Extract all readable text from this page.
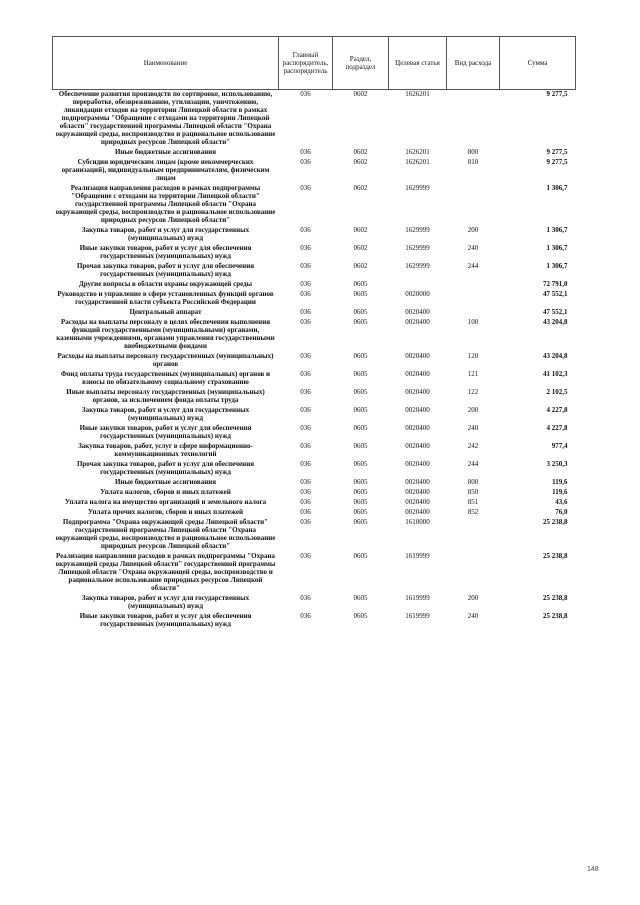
Наименование	Главный распорядитель, распорядитель	Раздел, подраздел	Целевая статья	Вид расхода	Сумма
Обеспечение развития производств по сортировке, использованию, переработке, обезвреживанию, утилизации, уничтожению, ликвидации отходов на территории Липецкой области в рамках подпрограммы "Обращение с отходами на территории Липецкой области" государственной программы Липецкой области "Охрана окружающей среды, воспроизводство и рациональное использование природных ресурсов Липецкой области"	036	0602	1626201		9 277,5
Иные бюджетные ассигнования	036	0602	1626201	800	9 277,5
Субсидии юридическим лицам (кроме некоммерческих организаций), индивидуальным предпринимателям, физическим лицам	036	0602	1626201	810	9 277,5
Реализация направления расходов в рамках подпрограммы "Обращение с отходами на территории Липецкой области" государственной программы Липецкой области "Охрана окружающей среды, воспроизводство и рациональное использование природных ресурсов Липецкой области"	036	0602	1629999		1 306,7
Закупка товаров, работ и услуг для государственных (муниципальных) нужд	036	0602	1629999	200	1 306,7
Иные закупки товаров, работ и услуг для обеспечения государственных (муниципальных) нужд	036	0602	1629999	240	1 306,7
Прочая закупка товаров, работ и услуг для обеспечения государственных (муниципальных) нужд	036	0602	1629999	244	1 306,7
Другие вопросы в области охраны окружающей среды	036	0605			72 791,0
Руководство и управление в сфере установленных функций органов государственной власти субъекта Российской Федерации	036	0605	0020000		47 552,1
Центральный аппарат	036	0605	0020400		47 552,1
Расходы на выплаты персоналу в целях обеспечения выполнения функций государственными (муниципальными) органами, казенными учреждениями, органами управления государственными внебюджетными фондами	036	0605	0020400	100	43 204,8
Расходы на выплаты персоналу государственных (муниципальных) органов	036	0605	0020400	120	43 204,8
Фонд оплаты труда государственных (муниципальных) органов и взносы по обязательному социальному страхованию	036	0605	0020400	121	41 102,3
Иные выплаты персоналу государственных (муниципальных) органов, за исключением фонда оплаты труда	036	0605	0020400	122	2 102,5
Закупка товаров, работ и услуг для государственных (муниципальных) нужд	036	0605	0020400	200	4 227,8
Иные закупки товаров, работ и услуг для обеспечения государственных (муниципальных) нужд	036	0605	0020400	240	4 227,8
Закупка товаров, работ, услуг в сфере информационно-коммуникационных технологий	036	0605	0020400	242	977,4
Прочая закупка товаров, работ и услуг для обеспечения государственных (муниципальных) нужд	036	0605	0020400	244	3 250,3
Иные бюджетные ассигнования	036	0605	0020400	800	119,6
Уплата налогов, сборов и иных платежей	036	0605	0020400	850	119,6
Уплата налога на имущество организаций и земельного налога	036	0605	0020400	851	43,6
Уплата прочих налогов, сборов и иных платежей	036	0605	0020400	852	76,0
Подпрограмма "Охрана окружающей среды Липецкой области" государственной программы Липецкой области "Охрана окружающей среды, воспроизводство и рациональное использование природных ресурсов Липецкой области"	036	0605	1610000		25 238,8
Реализация направления расходов в рамках подпрограммы "Охрана окружающей среды Липецкой области" государственной программы Липецкой области "Охрана окружающей среды, воспроизводство и рациональное использование природных ресурсов Липецкой области"	036	0605	1619999		25 238,8
Закупка товаров, работ и услуг для государственных (муниципальных) нужд	036	0605	1619999	200	25 238,8
Иные закупки товаров, работ и услуг для обеспечения государственных (муниципальных) нужд	036	0605	1619999	240	25 238,8
148
